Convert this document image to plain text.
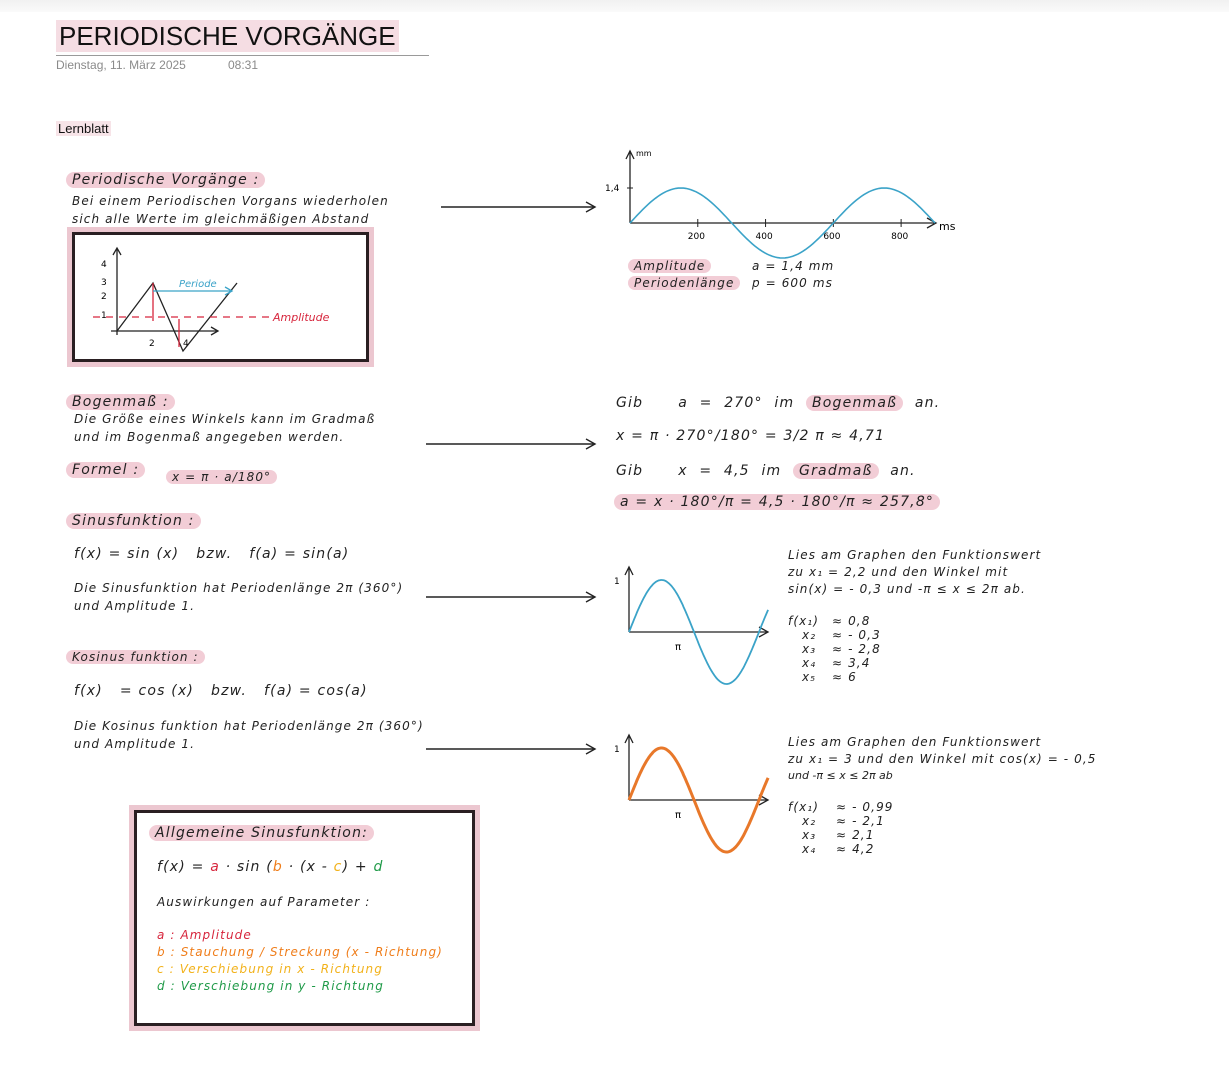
PERIODISCHE VORGÄNGE
Dienstag, 11. März 2025	08:31
Lernblatt
Periodische Vorgänge :
Bei einem Periodischen Vorgans wiederholen
sich alle Werte im gleichmäßigen Abstand
4
3
2
1
2	4
Periode
Amplitude
mm
ms
1,4
200	400	600	800
Amplitude	a = 1,4 mm
Periodenlänge	p = 600 ms
Bogenmaß :
Die Größe eines Winkels kann im Gradmaß
und im Bogenmaß angegeben werden.
Formel :	x = π · a/180°
Gib a = 270° im Bogenmaß an.
x = π · 270°/180° = 3/2 π ≈ 4,71
Gib x = 4,5 im Gradmaß an.
a = x · 180°/π = 4,5 · 180°/π ≈ 257,8°
Sinusfunktion :
f(x) = sin (x)   bzw.   f(a) = sin(a)
Die Sinusfunktion hat Periodenlänge 2π (360°)
und Amplitude 1.
1
π
Lies am Graphen den Funktionswert
zu x₁ = 2,2 und den Winkel mit
sin(x) = - 0,3 und -π ≤ x ≤ 2π ab.
f(x₁) ≈ 0,8
x₂ ≈ - 0,3
x₃ ≈ - 2,8
x₄ ≈ 3,4
x₅ ≈ 6
Kosinus funktion :
f(x)   = cos (x)   bzw.   f(a) = cos(a)
Die Kosinus funktion hat Periodenlänge 2π (360°)
und Amplitude 1.	1
π
Lies am Graphen den Funktionswert
zu x₁ = 3 und den Winkel mit cos(x) = - 0,5
und -π ≤ x ≤ 2π ab
f(x₁) ≈ - 0,99
x₂ ≈ - 2,1
x₃ ≈ 2,1
x₄ ≈ 4,2
Allgemeine Sinusfunktion:
f(x) = a · sin (b · (x - c) + d
Auswirkungen auf Parameter :
a : Amplitude
b : Stauchung / Streckung (x - Richtung)
c : Verschiebung in x - Richtung
d : Verschiebung in y - Richtung
